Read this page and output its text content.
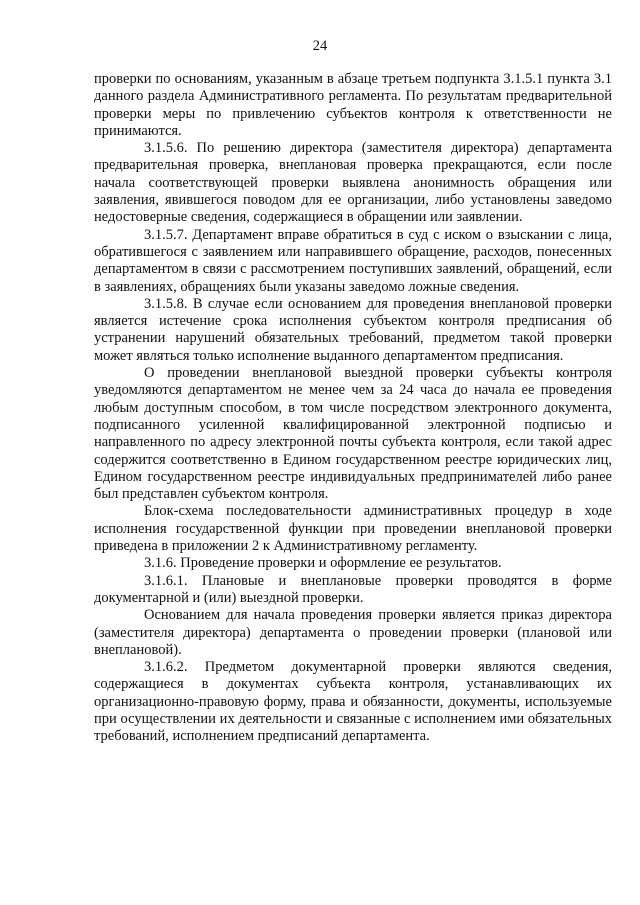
24

проверки по основаниям, указанным в абзаце третьем подпункта 3.1.5.1 пункта 3.1 данного раздела Административного регламента. По результатам предварительной проверки меры по привлечению субъектов контроля к ответственности не принимаются.

3.1.5.6. По решению директора (заместителя директора) департамента предварительная проверка, внеплановая проверка прекращаются, если после начала соответствующей проверки выявлена анонимность обращения или заявления, явившегося поводом для ее организации, либо установлены заведомо недостоверные сведения, содержащиеся в обращении или заявлении.

3.1.5.7. Департамент вправе обратиться в суд с иском о взыскании с лица, обратившегося с заявлением или направившего обращение, расходов, понесенных департаментом в связи с рассмотрением поступивших заявлений, обращений, если в заявлениях, обращениях были указаны заведомо ложные сведения.

3.1.5.8. В случае если основанием для проведения внеплановой проверки является истечение срока исполнения субъектом контроля предписания об устранении нарушений обязательных требований, предметом такой проверки может являться только исполнение выданного департаментом предписания.

О проведении внеплановой выездной проверки субъекты контроля уведомляются департаментом не менее чем за 24 часа до начала ее проведения любым доступным способом, в том числе посредством электронного документа, подписанного усиленной квалифицированной электронной подписью и направленного по адресу электронной почты субъекта контроля, если такой адрес содержится соответственно в Едином государственном реестре юридических лиц, Едином государственном реестре индивидуальных предпринимателей либо ранее был представлен субъектом контроля.

Блок-схема последовательности административных процедур в ходе исполнения государственной функции при проведении внеплановой проверки приведена в приложении 2 к Административному регламенту.

3.1.6. Проведение проверки и оформление ее результатов.

3.1.6.1. Плановые и внеплановые проверки проводятся в форме документарной и (или) выездной проверки.

Основанием для начала проведения проверки является приказ директора (заместителя директора) департамента о проведении проверки (плановой или внеплановой).

3.1.6.2. Предметом документарной проверки являются сведения, содержащиеся в документах субъекта контроля, устанавливающих их организационно-правовую форму, права и обязанности, документы, используемые при осуществлении их деятельности и связанные с исполнением ими обязательных требований, исполнением предписаний департамента.
